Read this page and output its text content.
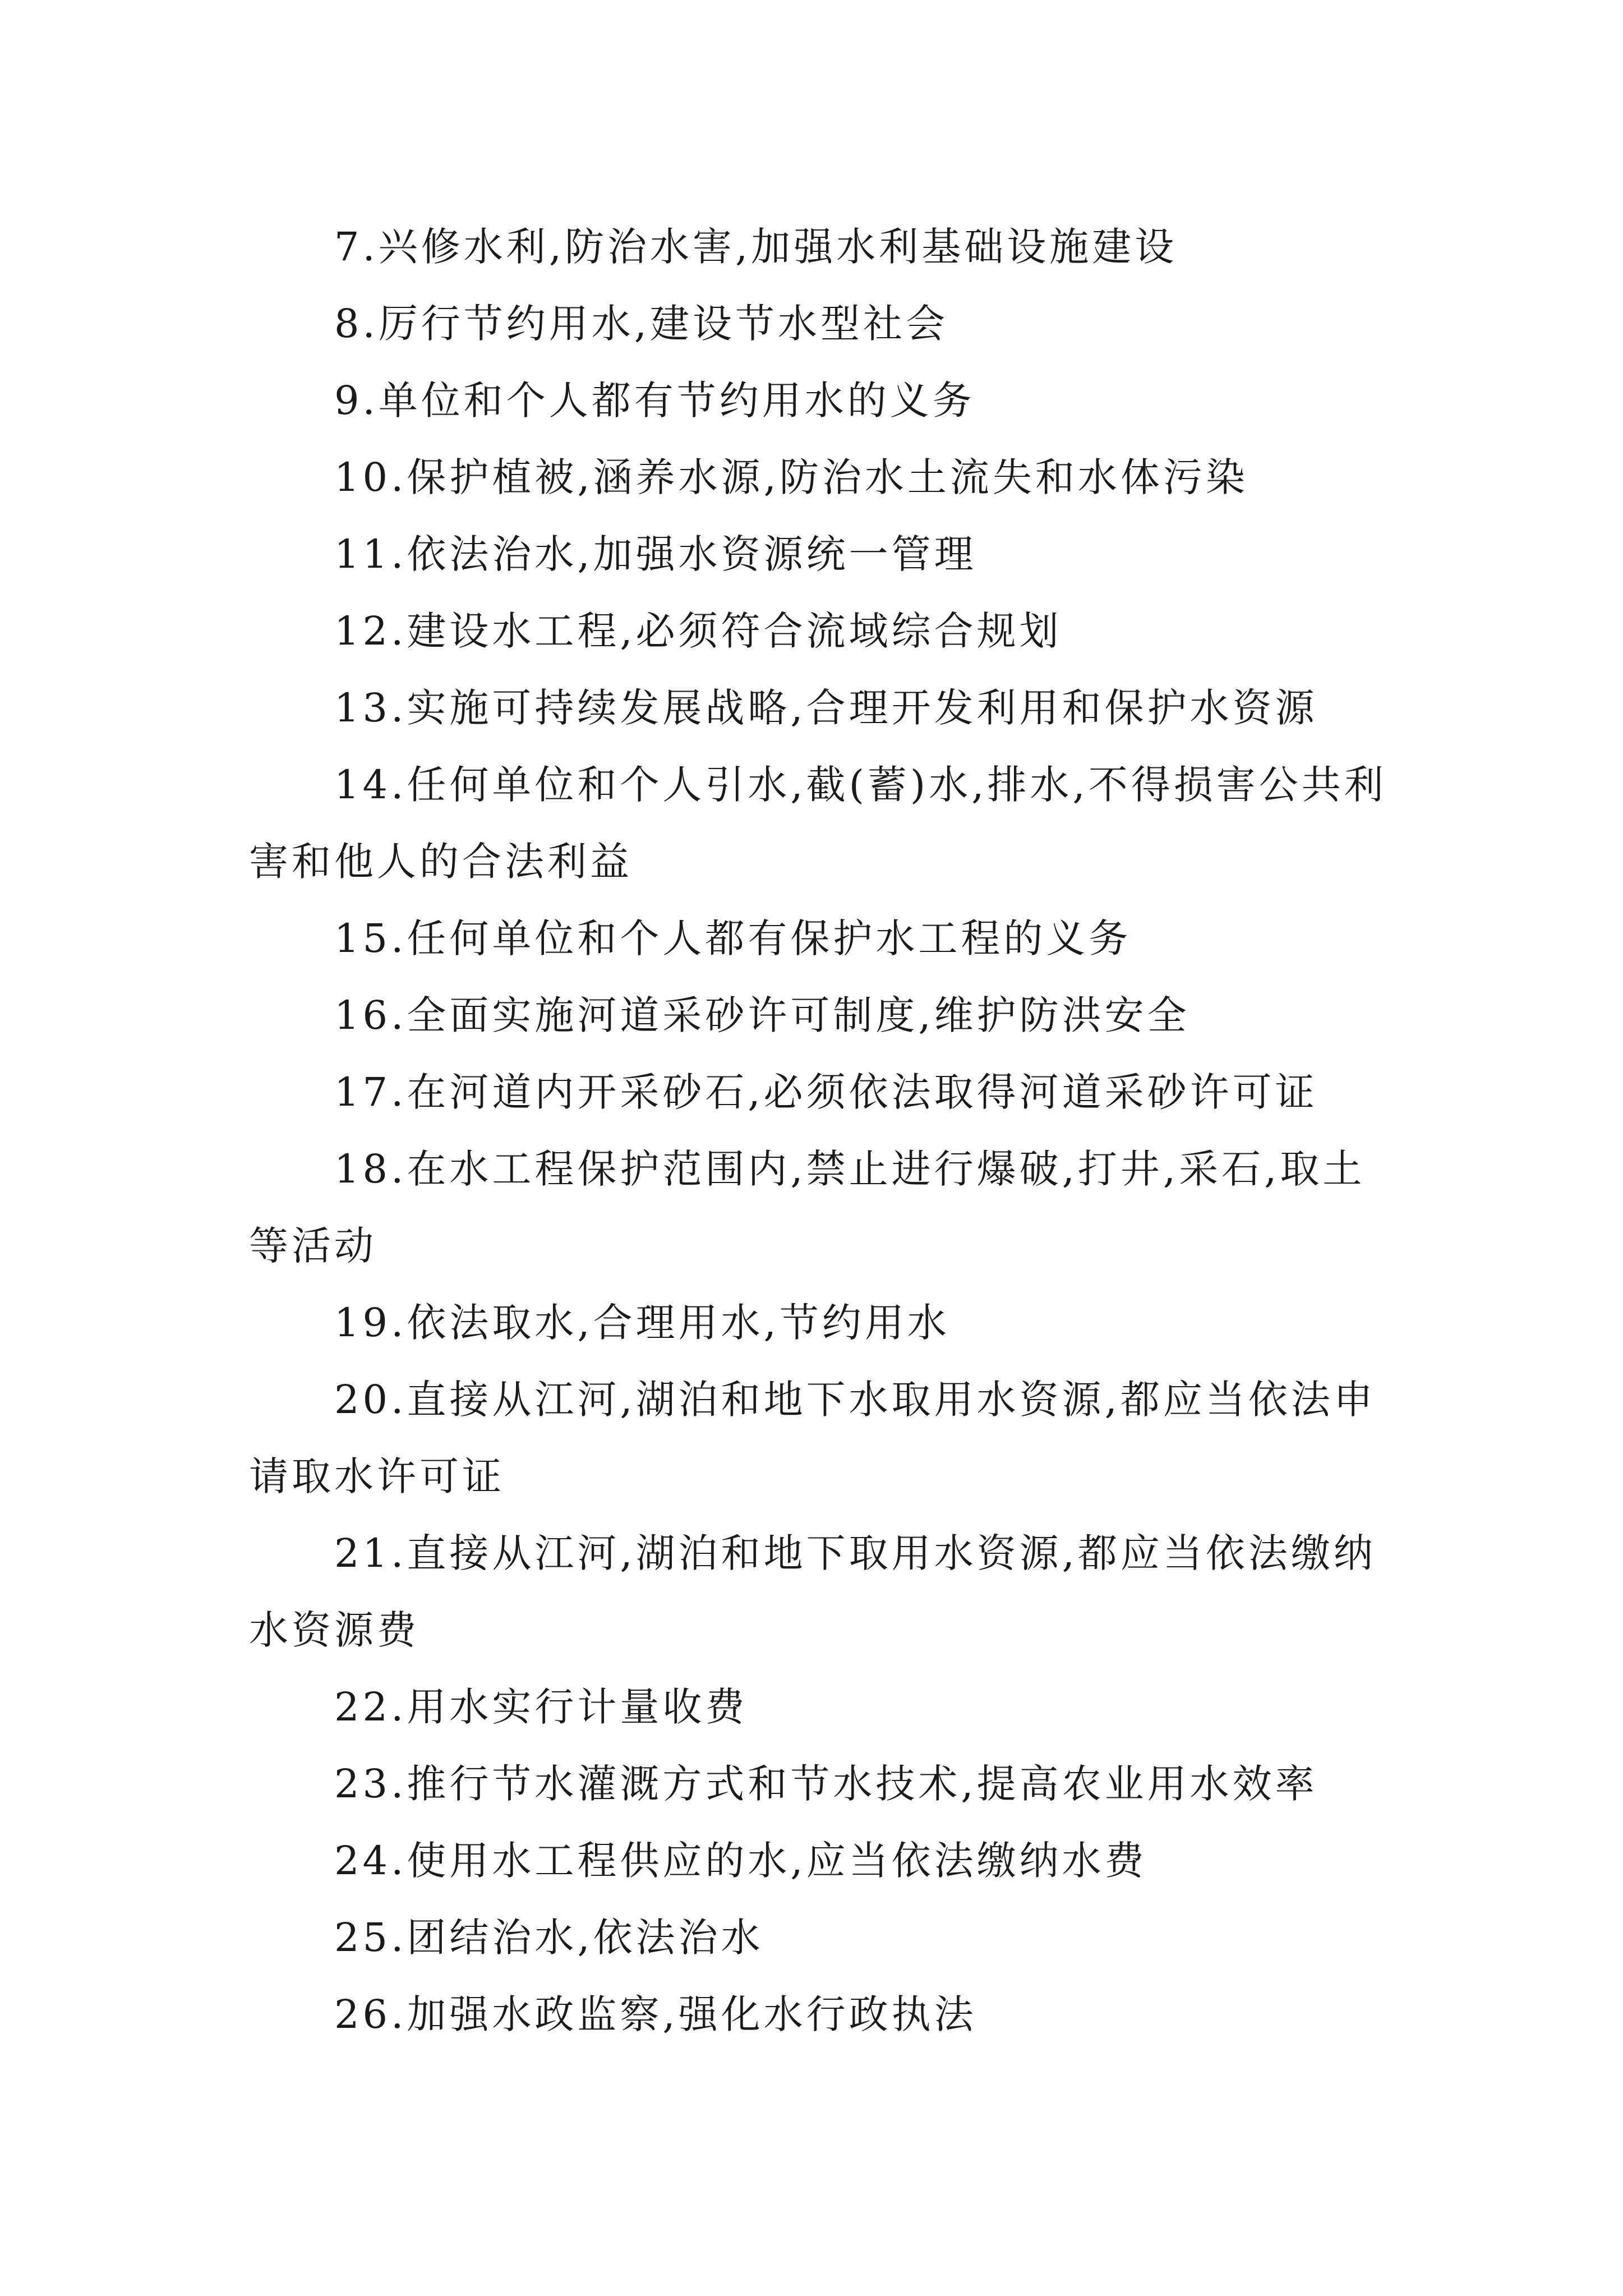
7.兴修水利,防治水害,加强水利基础设施建设

8.厉行节约用水,建设节水型社会

9.单位和个人都有节约用水的义务

10.保护植被,涵养水源,防治水土流失和水体污染

11.依法治水,加强水资源统一管理

12.建设水工程,必须符合流域综合规划

13.实施可持续发展战略,合理开发利用和保护水资源

14.任何单位和个人引水,截(蓄)水,排水,不得损害公共利害和他人的合法利益

15.任何单位和个人都有保护水工程的义务

16.全面实施河道采砂许可制度,维护防洪安全

17.在河道内开采砂石,必须依法取得河道采砂许可证

18.在水工程保护范围内,禁止进行爆破,打井,采石,取土等活动

19.依法取水,合理用水,节约用水

20.直接从江河,湖泊和地下水取用水资源,都应当依法申请取水许可证

21.直接从江河,湖泊和地下取用水资源,都应当依法缴纳水资源费

22.用水实行计量收费

23.推行节水灌溉方式和节水技术,提高农业用水效率

24.使用水工程供应的水,应当依法缴纳水费

25.团结治水,依法治水

26.加强水政监察,强化水行政执法
